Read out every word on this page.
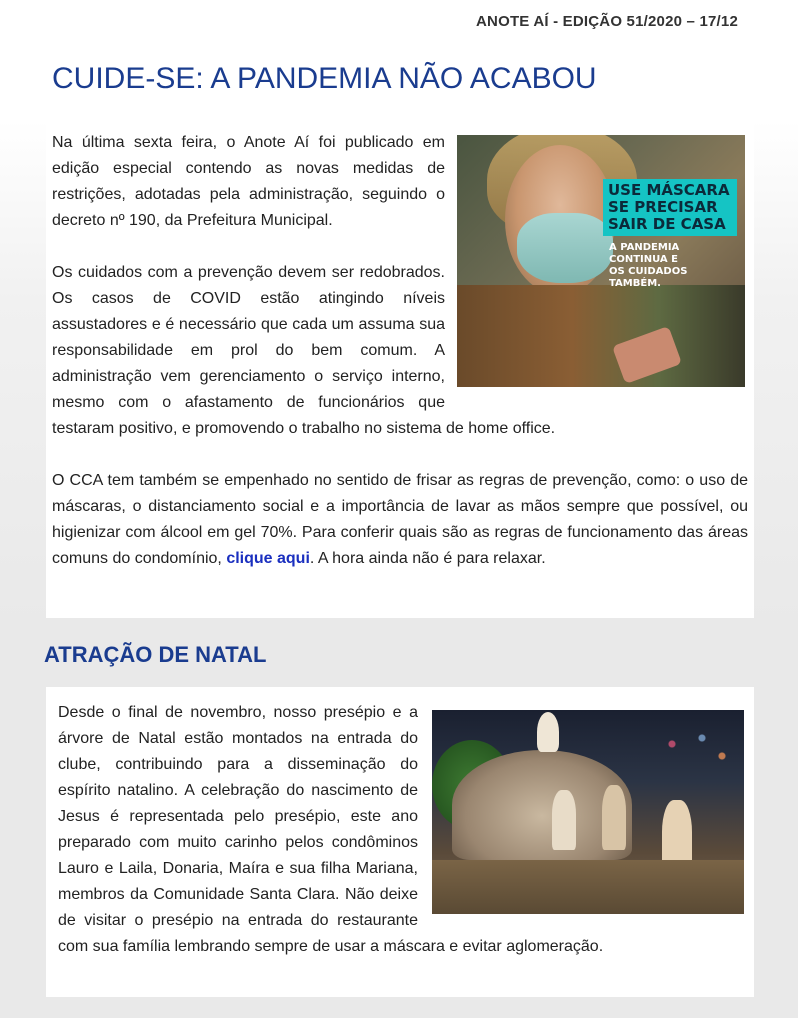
ANOTE AÍ - EDIÇÃO 51/2020 – 17/12
CUIDE-SE: A PANDEMIA NÃO ACABOU
USE MÁSCARA
SE PRECISAR
SAIR DE CASA
A PANDEMIA
CONTINUA E
OS CUIDADOS
TAMBÉM.

Na última sexta feira, o Anote Aí foi publicado em edição especial contendo as novas medidas de restrições, adotadas pela administração, seguindo o decreto nº 190, da Prefeitura Municipal.

Os cuidados com a prevenção devem ser redobrados. Os casos de COVID estão atingindo níveis assustadores e é necessário que cada um assuma sua responsabilidade em prol do bem comum. A administração vem gerenciamento o serviço interno, mesmo com o afastamento de funcionários que testaram positivo, e promovendo o trabalho no sistema de home office.

O CCA tem também se empenhado no sentido de frisar as regras de prevenção, como: o uso de máscaras, o distanciamento social e a importância de lavar as mãos sempre que possível, ou higienizar com álcool em gel 70%. Para conferir quais são as regras de funcionamento das áreas comuns do condomínio, clique aqui. A hora ainda não é para relaxar.

ATRAÇÃO DE NATAL

Desde o final de novembro, nosso presépio e a árvore de Natal estão montados na entrada do clube, contribuindo para a disseminação do espírito natalino. A celebração do nascimento de Jesus é representada pelo presépio, este ano preparado com muito carinho pelos condôminos Lauro e Laila, Donaria, Maíra e sua filha Mariana, membros da Comunidade Santa Clara. Não deixe de visitar o presépio na entrada do restaurante com sua família lembrando sempre de usar a máscara e evitar aglomeração.
